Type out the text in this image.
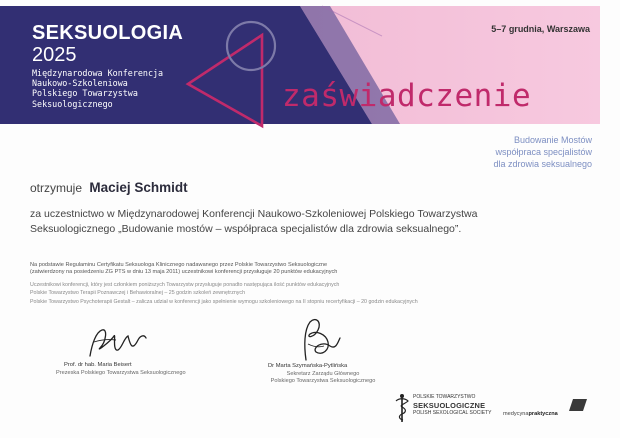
SEKSUOLOGIA
2025
Międzynarodowa Konferencja
Naukowo-Szkoleniowa
Polskiego Towarzystwa
Seksuologicznego
5–7 grudnia, Warszawa
zaświadczenie
Budowanie Mostów
współpraca specjalistów
dla zdrowia seksualnego
otrzymuje Maciej Schmidt
za uczestnictwo w Międzynarodowej Konferencji Naukowo-Szkoleniowej Polskiego Towarzystwa
Seksuologicznego „Budowanie mostów – współpraca specjalistów dla zdrowia seksualnego”.
Na podstawie Regulaminu Certyfikatu Seksuologa Klinicznego nadawanego przez Polskie Towarzystwo Seksuologiczne
(zatwierdzony na posiedzeniu ZG PTS w dniu 13 maja 2011) uczestnikowi konferencji przysługuje 20 punktów edukacyjnych
Uczestnikowi konferencji, który jest członkiem poniższych Towarzystw przysługuje ponadto następująca ilość punktów edukacyjnych
Polskie Towarzystwo Terapii Poznawczej i Behawioralnej – 25 godzin szkoleń zewnętrznych
Polskie Towarzystwo Psychoterapii Gestalt – zalicza udział w konferencji jako spełnienie wymogu szkoleniowego na II stopniu recertyfikacji – 20 godzin edukacyjnych
Prof. dr hab. Maria Beisert
Prezeska Polskiego Towarzystwa Seksuologicznego
Dr Marta Szymańska-Pytlińska
Sekretarz Zarządu Głównego
Polskiego Towarzystwa Seksuologicznego
POLSKIE TOWARZYSTWO
SEKSUOLOGICZNE
POLISH SEXOLOGICAL SOCIETY medycynapraktyczna
